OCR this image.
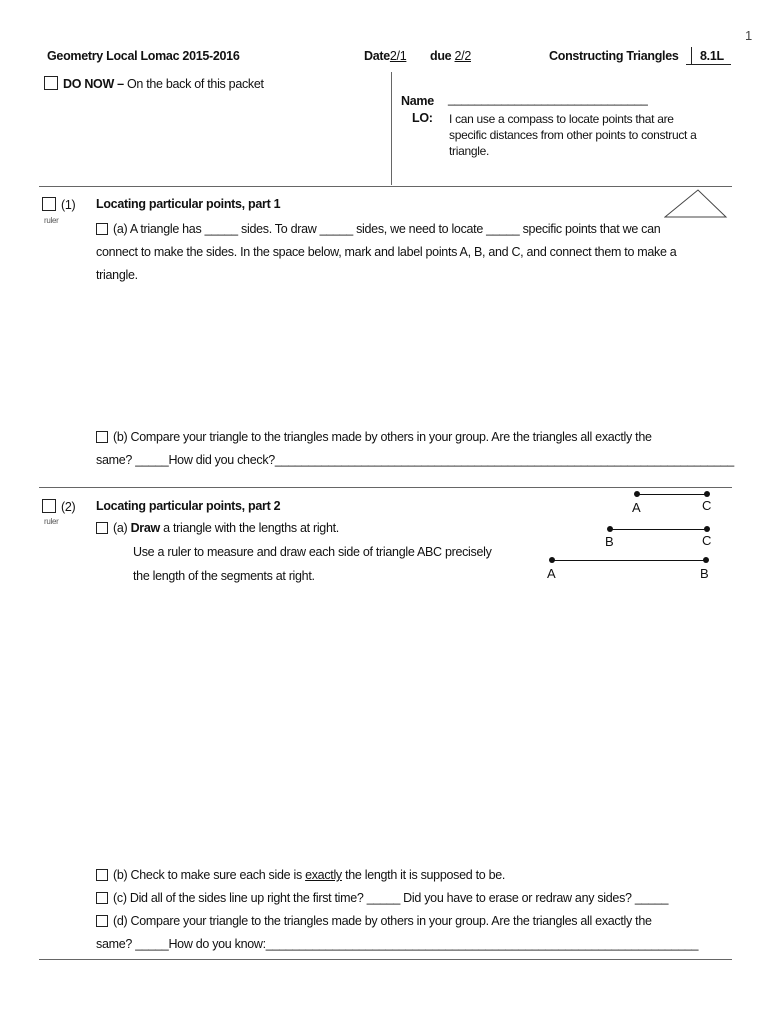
1
Geometry Local Lomac 2015-2016	Date2/1 due 2/2	Constructing Triangles 8.1L
DO NOW – On the back of this packet
Name ______________________________
LO: I can use a compass to locate points that are
specific distances from other points to construct a
triangle.
(1)
ruler
Locating particular points, part 1
(a) A triangle has _____ sides. To draw _____ sides, we need to locate _____ specific points that we can
connect to make the sides. In the space below, mark and label points A, B, and C, and connect them to make a
triangle.
(b) Compare your triangle to the triangles made by others in your group. Are the triangles all exactly the
same? _____How did you check?_____________________________________________________________________
(2)
ruler
Locating particular points, part 2
(a) Draw a triangle with the lengths at right.
Use a ruler to measure and draw each side of triangle ABC precisely
the length of the segments at right.
A	C
B	C
A	B
(b) Check to make sure each side is exactly the length it is supposed to be.
(c) Did all of the sides line up right the first time? _____ Did you have to erase or redraw any sides? _____
(d) Compare your triangle to the triangles made by others in your group. Are the triangles all exactly the
same? _____How do you know:_________________________________________________________________
